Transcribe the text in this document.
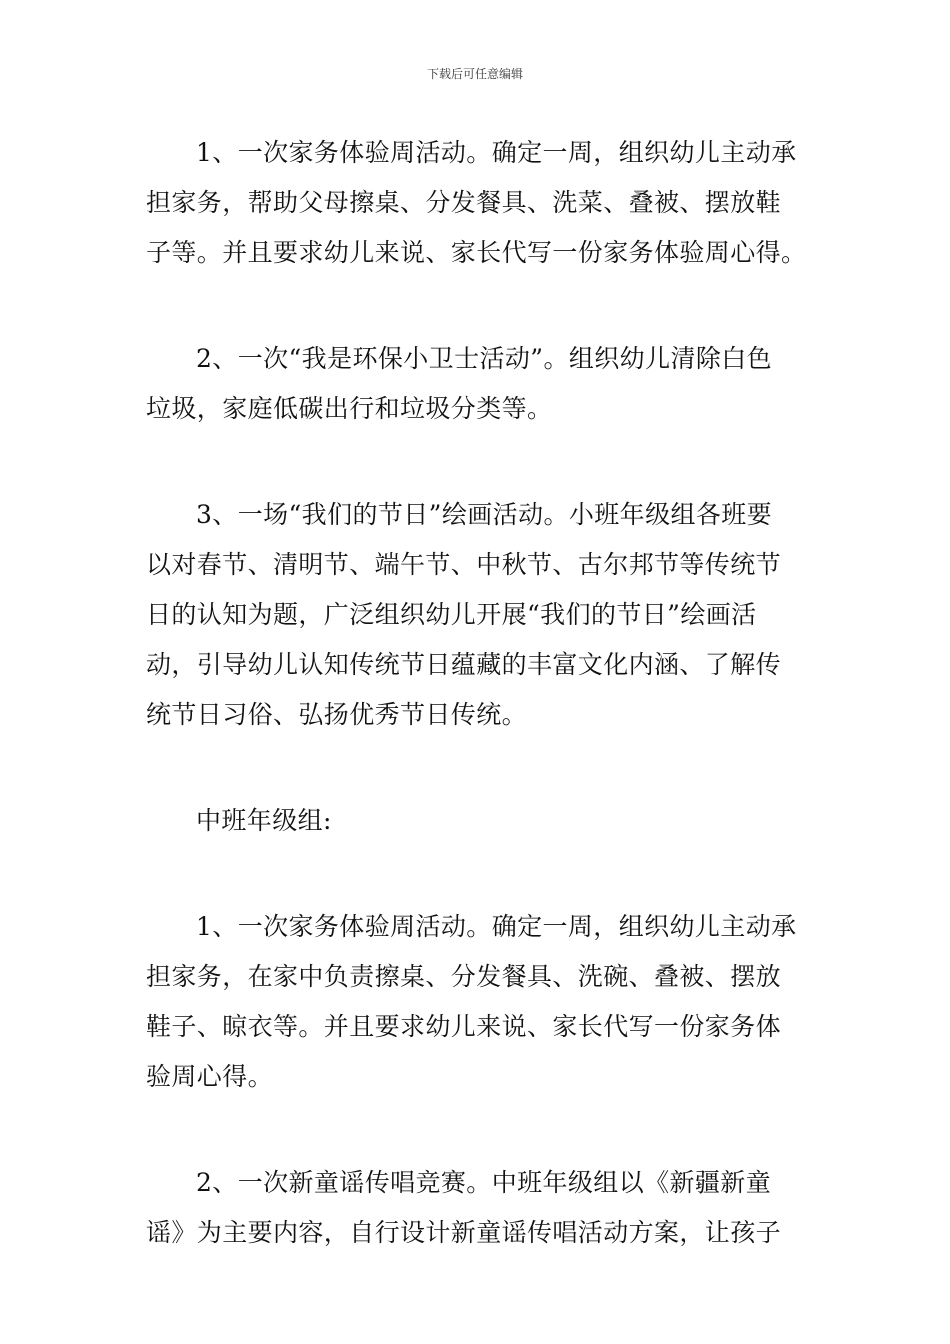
下载后可任意编辑

1、一次家务体验周活动。确定一周，组织幼儿主动承
担家务，帮助父母擦桌、分发餐具、洗菜、叠被、摆放鞋
子等。并且要求幼儿来说、家长代写一份家务体验周心得。

2、一次“我是环保小卫士活动”。组织幼儿清除白色
垃圾，家庭低碳出行和垃圾分类等。

3、一场“我们的节日”绘画活动。小班年级组各班要
以对春节、清明节、端午节、中秋节、古尔邦节等传统节
日的认知为题，广泛组织幼儿开展“我们的节日”绘画活
动，引导幼儿认知传统节日蕴藏的丰富文化内涵、了解传
统节日习俗、弘扬优秀节日传统。

中班年级组:

1、一次家务体验周活动。确定一周，组织幼儿主动承
担家务，在家中负责擦桌、分发餐具、洗碗、叠被、摆放
鞋子、晾衣等。并且要求幼儿来说、家长代写一份家务体
验周心得。

2、一次新童谣传唱竞赛。中班年级组以《新疆新童
谣》为主要内容，自行设计新童谣传唱活动方案，让孩子
